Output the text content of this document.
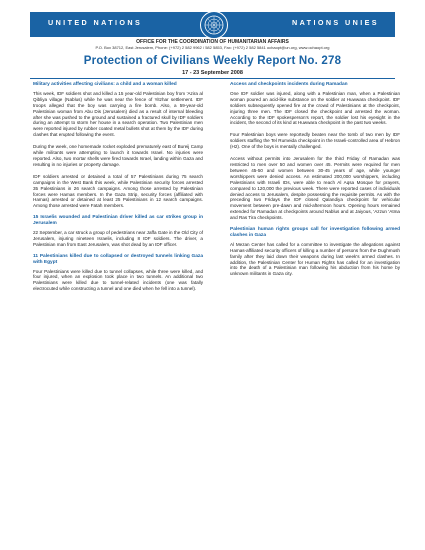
UNITED NATIONS	NATIONS UNIES
OFFICE FOR THE COORDINATION OF HUMANITARIAN AFFAIRS
P.O. Box 38712, East Jerusalem, Phone: (+972) 2 582 9962 / 582 5853, Fax: (+972) 2 582 5841 ochaopt@un.org, www.ochaopt.org
Protection of Civilians Weekly Report No. 278
17 - 23 September 2008
Military activities affecting civilians: a child and a woman killed

This week, IDF soldiers shot and killed a 15 year-old Palestinian boy from 'Azira al Qibliya village (Nablus) while he was near the fence of Yitzhar settlement. IDF troops alleged that the boy was carrying a fire bomb. Also, a 59-year-old Palestinian woman from Abu Dis (Jerusalem) died as a result of internal bleeding after she was pushed to the ground and sustained a fractured skull by IDF soldiers during an attempt to storm her house in a search operation. Two Palestinian men were reported injured by rubber coated metal bullets shot at them by the IDF during clashes that erupted following the event.

During the week, one homemade rocket exploded prematurely east of Bureij Camp while militants were attempting to launch it towards Israel. No injuries were reported. Also, two mortar shells were fired towards Israel, landing within Gaza and resulting in no injuries or property damage.

IDF soldiers arrested or detained a total of 57 Palestinians during 75 search campaigns in the West Bank this week, while Palestinian security forces arrested 35 Palestinians in 26 search campaigns. Among those arrested by Palestinian forces were Hamas members. In the Gaza Strip, security forces (affiliated with Hamas) arrested or detained at least 25 Palestinians in 12 search campaigns. Among those arrested were Fatah members.

15 Israelis wounded and Palestinian driver killed as car strikes group in Jerusalem

22 September, a car struck a group of pedestrians near Jaffa Gate in the Old City of Jerusalem, injuring nineteen Israelis, including 8 IDF soldiers. The driver, a Palestinian man from East Jerusalem, was shot dead by an IDF officer.

11 Palestinians killed due to collapsed or destroyed tunnels linking Gaza with Egypt

Four Palestinians were killed due to tunnel collapses, while three were killed, and four injured, when an explosion took place in two tunnels. An additional two Palestinians were killed due to tunnel-related incidents (one was fatally electrocuted while constructing a tunnel and one died when he fell into a tunnel).

Access and checkpoints incidents during Ramadan

One IDF soldier was injured, along with a Palestinian man, when a Palestinian woman poured an acid-like substance on the soldier at Huwwara checkpoint. IDF soldiers subsequently opened fire at the crowd of Palestinians at the checkpoint, injuring three men. The IDF closed the checkpoint and arrested the woman. According to the IDF spokesperson's report, the soldier lost his eyesight in the incident, the second of its kind at Huwwara checkpoint in the past two weeks.

Four Palestinian boys were reportedly beaten near the tomb of two men by IDF soldiers staffing the Tel Rumeida checkpoint in the Israeli-controlled area of Hebron (H2). One of the boys is mentally challenged.

Access without permits into Jerusalem for the third Friday of Ramadan was restricted to men over 50 and women over 45. Permits were required for men between 45-50 and women between 30-45 years of age, while younger worshippers were denied access. An estimated 200,000 worshippers, including Palestinians with Israeli IDs, were able to reach Al Aqsa Mosque for prayers, compared to 120,000 the previous week. There were reported cases of individuals denied access to Jerusalem, despite possessing the requisite permits. As with the preceding two Fridays the IDF closed Qalandiya checkpoint for vehicular movement between pre-dawn and mid-afternoon hours. Opening hours remained extended for Ramadan at checkpoints around Nablus and at Jaiyous, 'Azzun 'Atma and Ras Tira checkpoints.

Palestinian human rights groups call for investigation following armed clashes in Gaza

Al Mezan Center has called for a committee to investigate the allegations against Hamas-affiliated security officers of killing a number of persons from the Dughmush family after they laid down their weapons during last week's armed clashes. In addition, the Palestinian Center for Human Rights has called for an investigation into the death of a Palestinian man following his abduction from his home by unknown militants in Gaza city.
